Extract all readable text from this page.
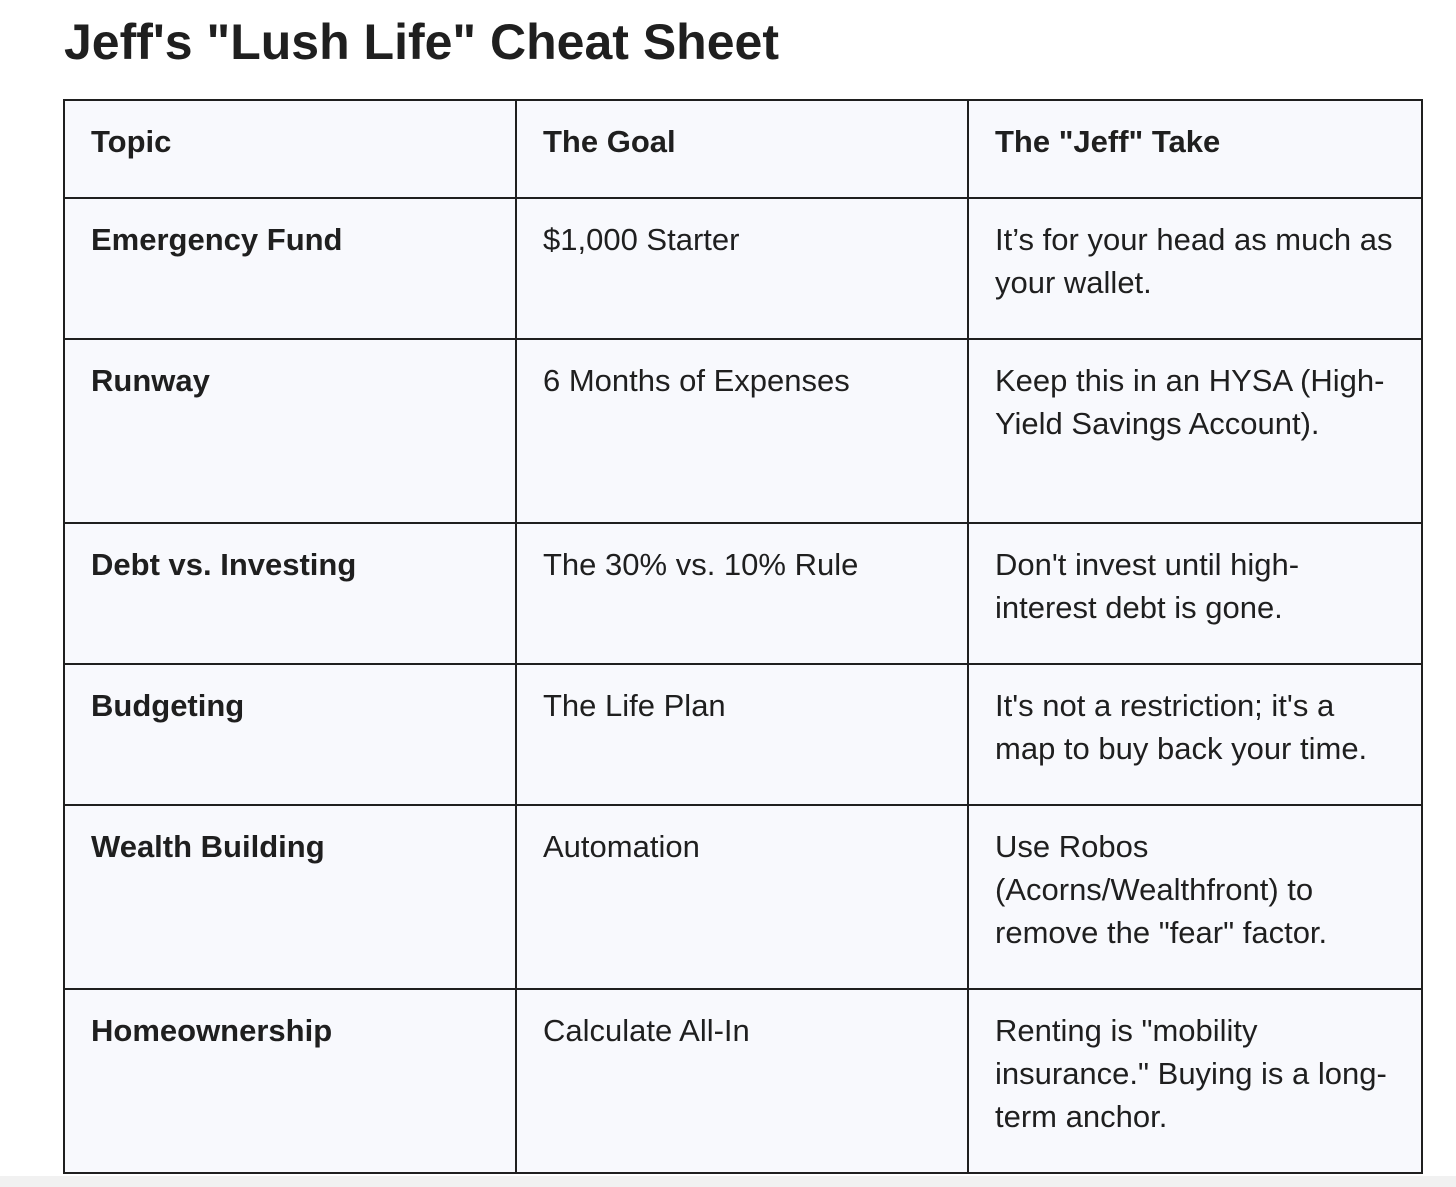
Jeff's "Lush Life" Cheat Sheet
Topic	The Goal	The "Jeff" Take
Emergency Fund	$1,000 Starter	It’s for your head as much as your wallet.
Runway	6 Months of Expenses	Keep this in an HYSA (High-Yield Savings Account).
Debt vs. Investing	The 30% vs. 10% Rule	Don't invest until high-interest debt is gone.
Budgeting	The Life Plan	It's not a restriction; it's a map to buy back your time.
Wealth Building	Automation	Use Robos (Acorns/Wealthfront) to remove the "fear" factor.
Homeownership	Calculate All-In	Renting is "mobility insurance." Buying is a long-term anchor.
